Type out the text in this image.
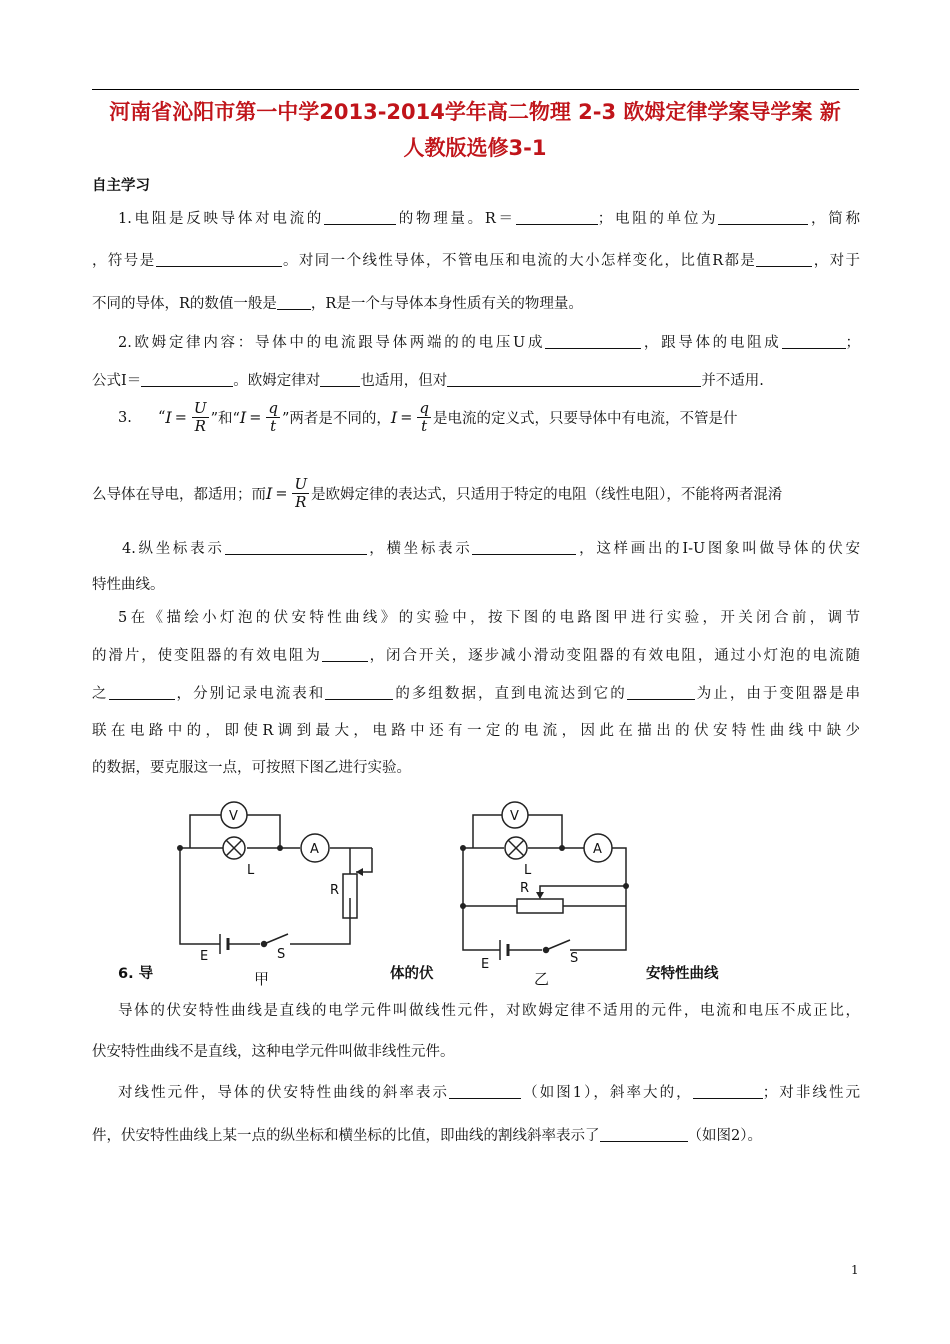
河南省沁阳市第一中学2013-2014学年高二物理 2-3 欧姆定律学案导学案 新
人教版选修3-1
自主学习
1.电阻是反映导体对电流的	的物理量。R＝	；电阻的单位为	，简称
，符号是	。对同一个线性导体，不管电压和电流的大小怎样变化，比值R都是	，对于
不同的导体，R的数值一般是 ，R是一个与导体本身性质有关的物理量。
2.欧姆定律内容：导体中的电流跟导体两端的的电压U成	，跟导体的电阻成	；
公式I＝	。欧姆定律对	也适用，但对	并不适用.
3. “$I = \frac{U}{R}$ ”和“$I = \frac{q}{t}$ ”两者是不同的，$I = \frac{q}{t}$ 是电流的定义式，只要导体中有电流，不管是什
么导体在导电，都适用；而$I = \frac{U}{R}$ 是欧姆定律的表达式，只适用于特定的电阻（线性电阻），不能将两者混淆
4.纵坐标表示	，横坐标表示	，这样画出的I-U图象叫做导体的伏安
特性曲线。
5在《描绘小灯泡的伏安特性曲线》的实验中，按下图的电路图甲进行实验，开关闭合前，调节
的滑片，使变阻器的有效电阻为	，闭合开关，逐步减小滑动变阻器的有效电阻，通过小灯泡的电流随
之	，分别记录电流表和	的多组数据，直到电流达到它的	为止，由于变阻器是串
联在电路中的，即使R调到最大，电路中还有一定的电流，因此在描出的伏安特性曲线中缺少
的数据，要克服这一点，可按照下图乙进行实验。
V
A
L
R
E	S
甲
V
A
L
R
E	S
乙
6. 导	体的伏	安特性曲线
导体的伏安特性曲线是直线的电学元件叫做线性元件，对欧姆定律不适用的元件，电流和电压不成正比，
伏安特性曲线不是直线，这种电学元件叫做非线性元件。
对线性元件，导体的伏安特性曲线的斜率表示	（如图1），斜率大的，	；对非线性元
件，伏安特性曲线上某一点的纵坐标和横坐标的比值，即曲线的割线斜率表示了	（如图2）。
1
